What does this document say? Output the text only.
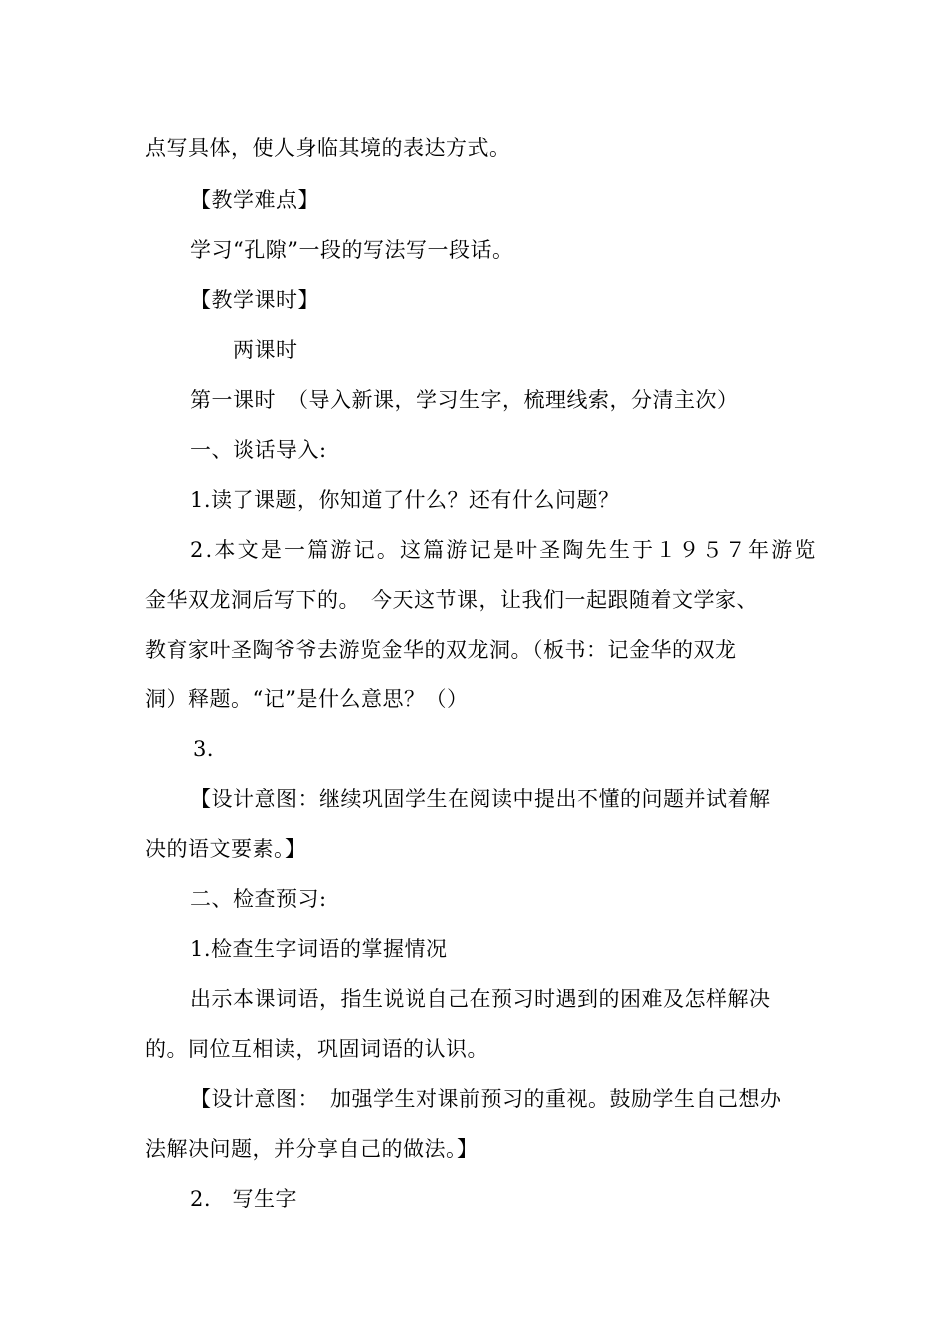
点写具体，使人身临其境的表达方式。
【教学难点】
学习“孔隙”一段的写法写一段话。
【教学课时】
两课时
第一课时　（导入新课，学习生字，梳理线索，分清主次）
一、谈话导入:
1.读了课题，你知道了什么？还有什么问题？
2.本文是一篇游记。这篇游记是叶圣陶先生于１９５７年游览
金华双龙洞后写下的。　今天这节课，让我们一起跟随着文学家、
教育家叶圣陶爷爷去游览金华的双龙洞。（板书：记金华的双龙
洞）释题。“记”是什么意思？（）
3．
【设计意图：继续巩固学生在阅读中提出不懂的问题并试着解
决的语文要素。】
二、检查预习:
1.检查生字词语的掌握情况
出示本课词语，指生说说自己在预习时遇到的困难及怎样解决
的。同位互相读，巩固词语的认识。
【设计意图：　加强学生对课前预习的重视。鼓励学生自己想办
法解决问题，并分享自己的做法。】
2.　写生字
